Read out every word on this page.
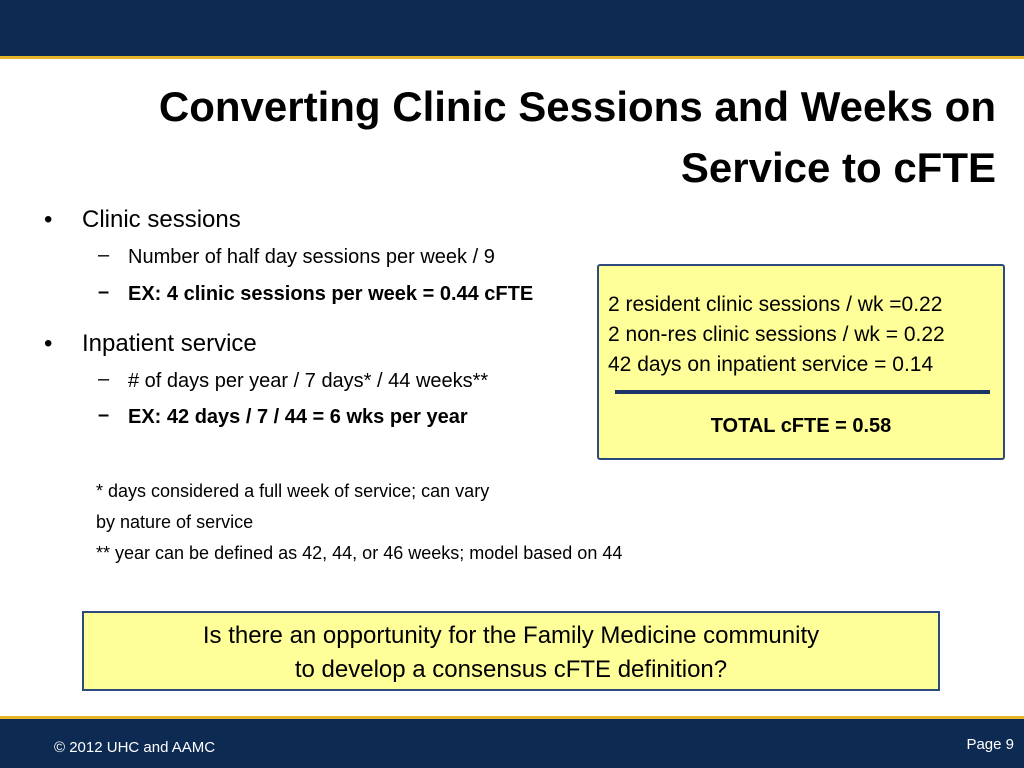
Converting Clinic Sessions and Weeks on
Service to cFTE
• Clinic sessions
– Number of half day sessions per week / 9
– EX: 4 clinic sessions per week = 0.44 cFTE
• Inpatient service
– # of days per year / 7 days* / 44 weeks**
– EX: 42 days / 7 / 44 = 6 wks per year
* days considered a full week of service; can vary
by nature of service
** year can be defined as 42, 44, or 46 weeks; model based on 44
2 resident clinic sessions / wk =0.22
2 non-res clinic sessions / wk = 0.22
42 days on inpatient service = 0.14
TOTAL cFTE = 0.58
Is there an opportunity for the Family Medicine community
to develop a consensus cFTE definition?
© 2012 UHC and AAMC	Page 9
